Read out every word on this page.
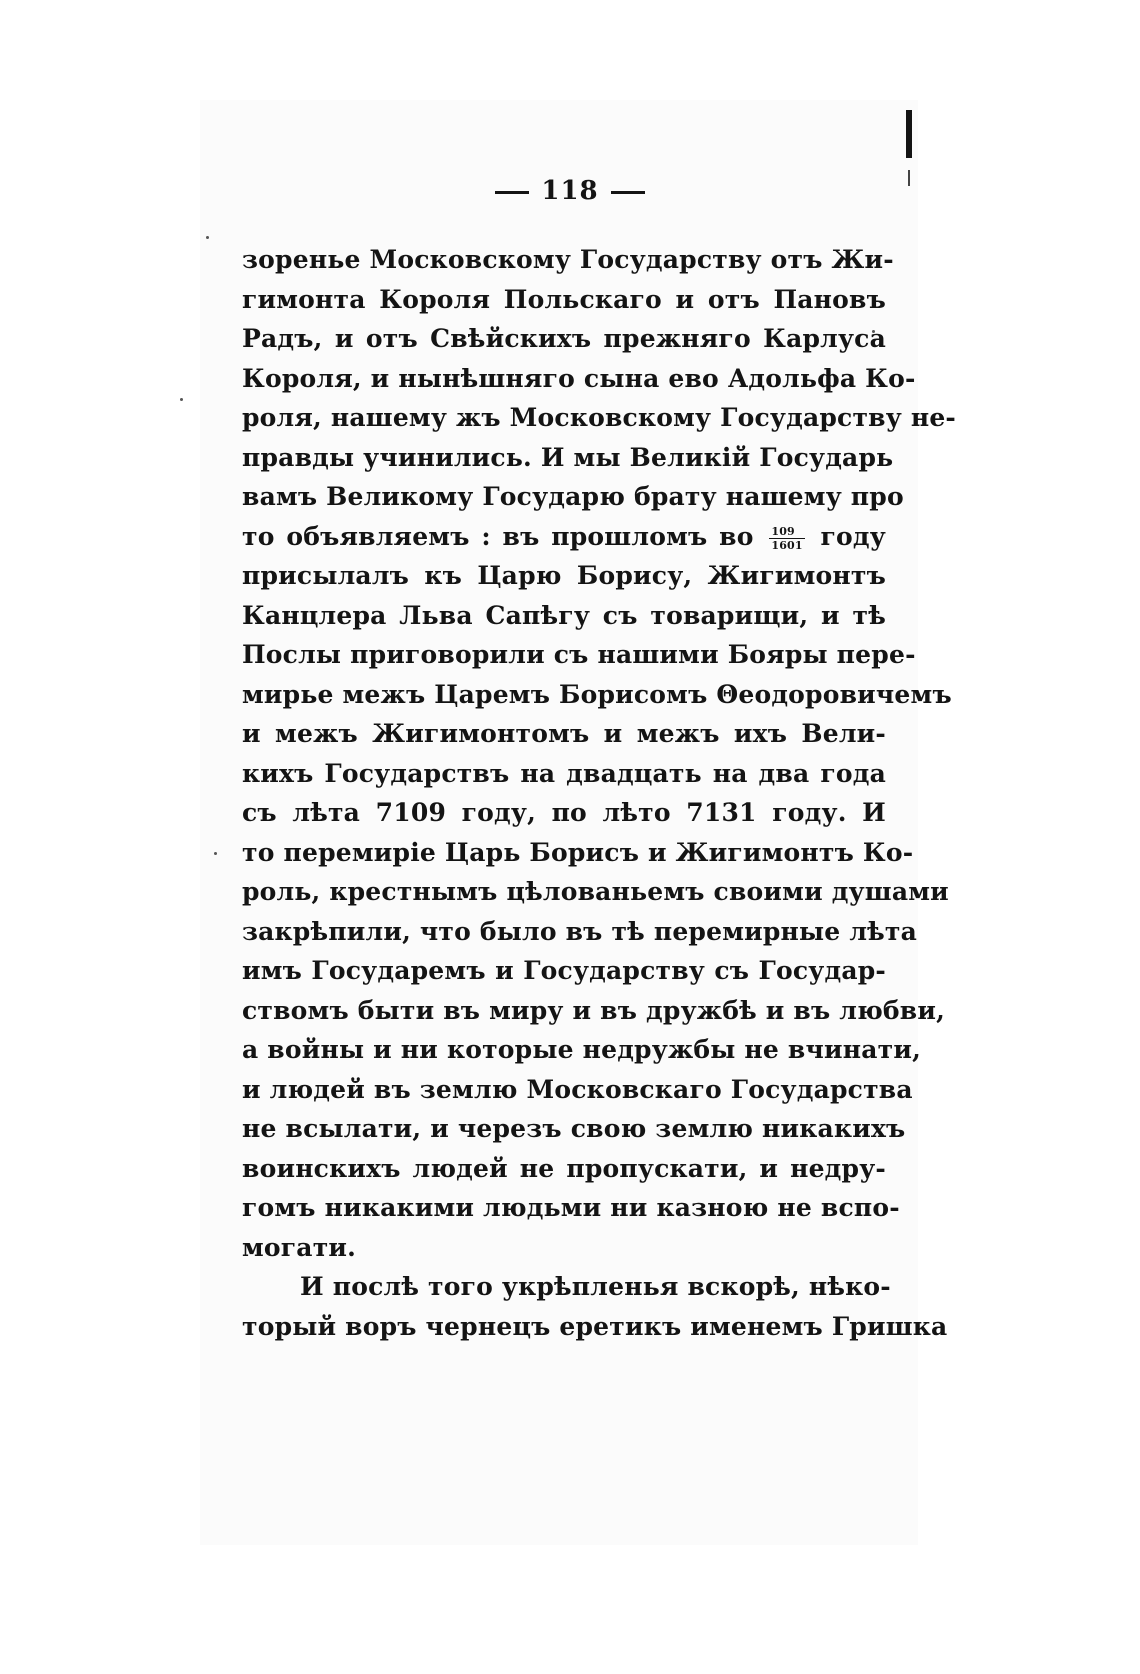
118
зоренье Московскому Государству отъ Жи-
гимонта Короля Польскаго и отъ Пановъ
Радъ, и отъ Свѣйскихъ прежняго Карлуса
Короля, и нынѣшняго сына ево Адольфа Ко-
роля, нашему жъ Московскому Государству не-
правды учинились. И мы Великій Государь
вамъ Великому Государю брату нашему про
то объявляемъ : въ прошломъ во $\frac{109}{1601}$ году
присылалъ къ Царю Борису, Жигимонтъ
Канцлера Льва Сапѣгу съ товарищи, и тѣ
Послы приговорили съ нашими Бояры пере-
мирье межъ Царемъ Борисомъ Θеодоровичемъ
и межъ Жигимонтомъ и межъ ихъ Вели-
кихъ Государствъ на двадцать на два года
съ лѣта 7109 году, по лѣто 7131 году. И
то перемиріе Царь Борисъ и Жигимонтъ Ко-
роль, крестнымъ цѣлованьемъ своими душами
закрѣпили, что было въ тѣ перемирные лѣта
имъ Государемъ и Государству съ Государ-
ствомъ быти въ миру и въ дружбѣ и въ любви,
а войны и ни которые недружбы не вчинати,
и людей въ землю Московскаго Государства
не всылати, и черезъ свою землю никакихъ
воинскихъ людей не пропускати, и недру-
гомъ никакими людьми ни казною не вспо-
могати.
И послѣ того укрѣпленья вскорѣ, нѣко-
торый воръ чернецъ еретикъ именемъ Гришка
